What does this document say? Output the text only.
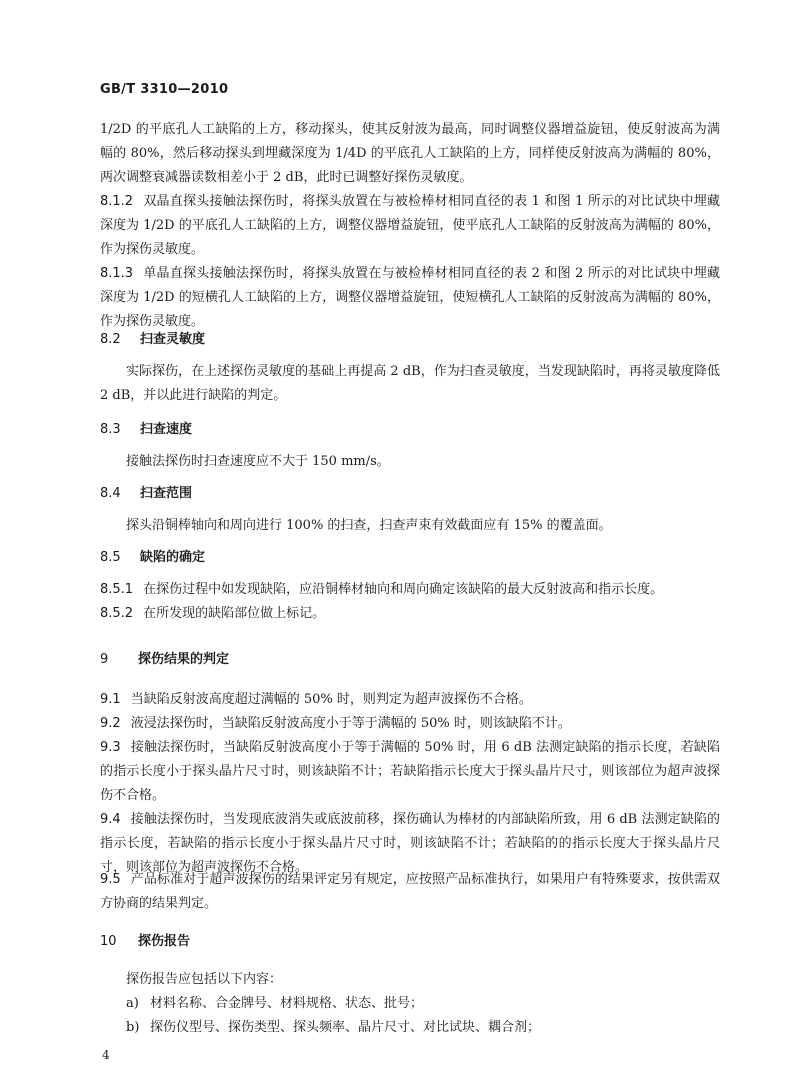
GB/T 3310—2010
1/2D 的平底孔人工缺陷的上方，移动探头，使其反射波为最高，同时调整仪器增益旋钮，使反射波高为满幅的 80%，然后移动探头到埋藏深度为 1/4D 的平底孔人工缺陷的上方，同样使反射波高为满幅的 80%，两次调整衰减器读数相差小于 2 dB，此时已调整好探伤灵敏度。
8.1.2 双晶直探头接触法探伤时，将探头放置在与被检棒材相同直径的表 1 和图 1 所示的对比试块中埋藏深度为 1/2D 的平底孔人工缺陷的上方，调整仪器增益旋钮，使平底孔人工缺陷的反射波高为满幅的 80%，作为探伤灵敏度。
8.1.3 单晶直探头接触法探伤时，将探头放置在与被检棒材相同直径的表 2 和图 2 所示的对比试块中埋藏深度为 1/2D 的短横孔人工缺陷的上方，调整仪器增益旋钮，使短横孔人工缺陷的反射波高为满幅的 80%，作为探伤灵敏度。
8.2 扫查灵敏度
实际探伤，在上述探伤灵敏度的基础上再提高 2 dB，作为扫查灵敏度，当发现缺陷时，再将灵敏度降低 2 dB，并以此进行缺陷的判定。
8.3 扫查速度
接触法探伤时扫查速度应不大于 150 mm/s。
8.4 扫查范围
探头沿铜棒轴向和周向进行 100% 的扫查，扫查声束有效截面应有 15% 的覆盖面。
8.5 缺陷的确定
8.5.1 在探伤过程中如发现缺陷，应沿铜棒材轴向和周向确定该缺陷的最大反射波高和指示长度。
8.5.2 在所发现的缺陷部位做上标记。
9 探伤结果的判定
9.1 当缺陷反射波高度超过满幅的 50% 时，则判定为超声波探伤不合格。
9.2 液浸法探伤时，当缺陷反射波高度小于等于满幅的 50% 时，则该缺陷不计。
9.3 接触法探伤时，当缺陷反射波高度小于等于满幅的 50% 时，用 6 dB 法测定缺陷的指示长度，若缺陷的指示长度小于探头晶片尺寸时，则该缺陷不计；若缺陷指示长度大于探头晶片尺寸，则该部位为超声波探伤不合格。
9.4 接触法探伤时，当发现底波消失或底波前移，探伤确认为棒材的内部缺陷所致，用 6 dB 法测定缺陷的指示长度，若缺陷的指示长度小于探头晶片尺寸时，则该缺陷不计；若缺陷的的指示长度大于探头晶片尺寸，则该部位为超声波探伤不合格。
9.5 产品标准对于超声波探伤的结果评定另有规定，应按照产品标准执行，如果用户有特殊要求，按供需双方协商的结果判定。
10 探伤报告
探伤报告应包括以下内容：
a) 材料名称、合金牌号、材料规格、状态、批号；
b) 探伤仪型号、探伤类型、探头频率、晶片尺寸、对比试块、耦合剂；
4
